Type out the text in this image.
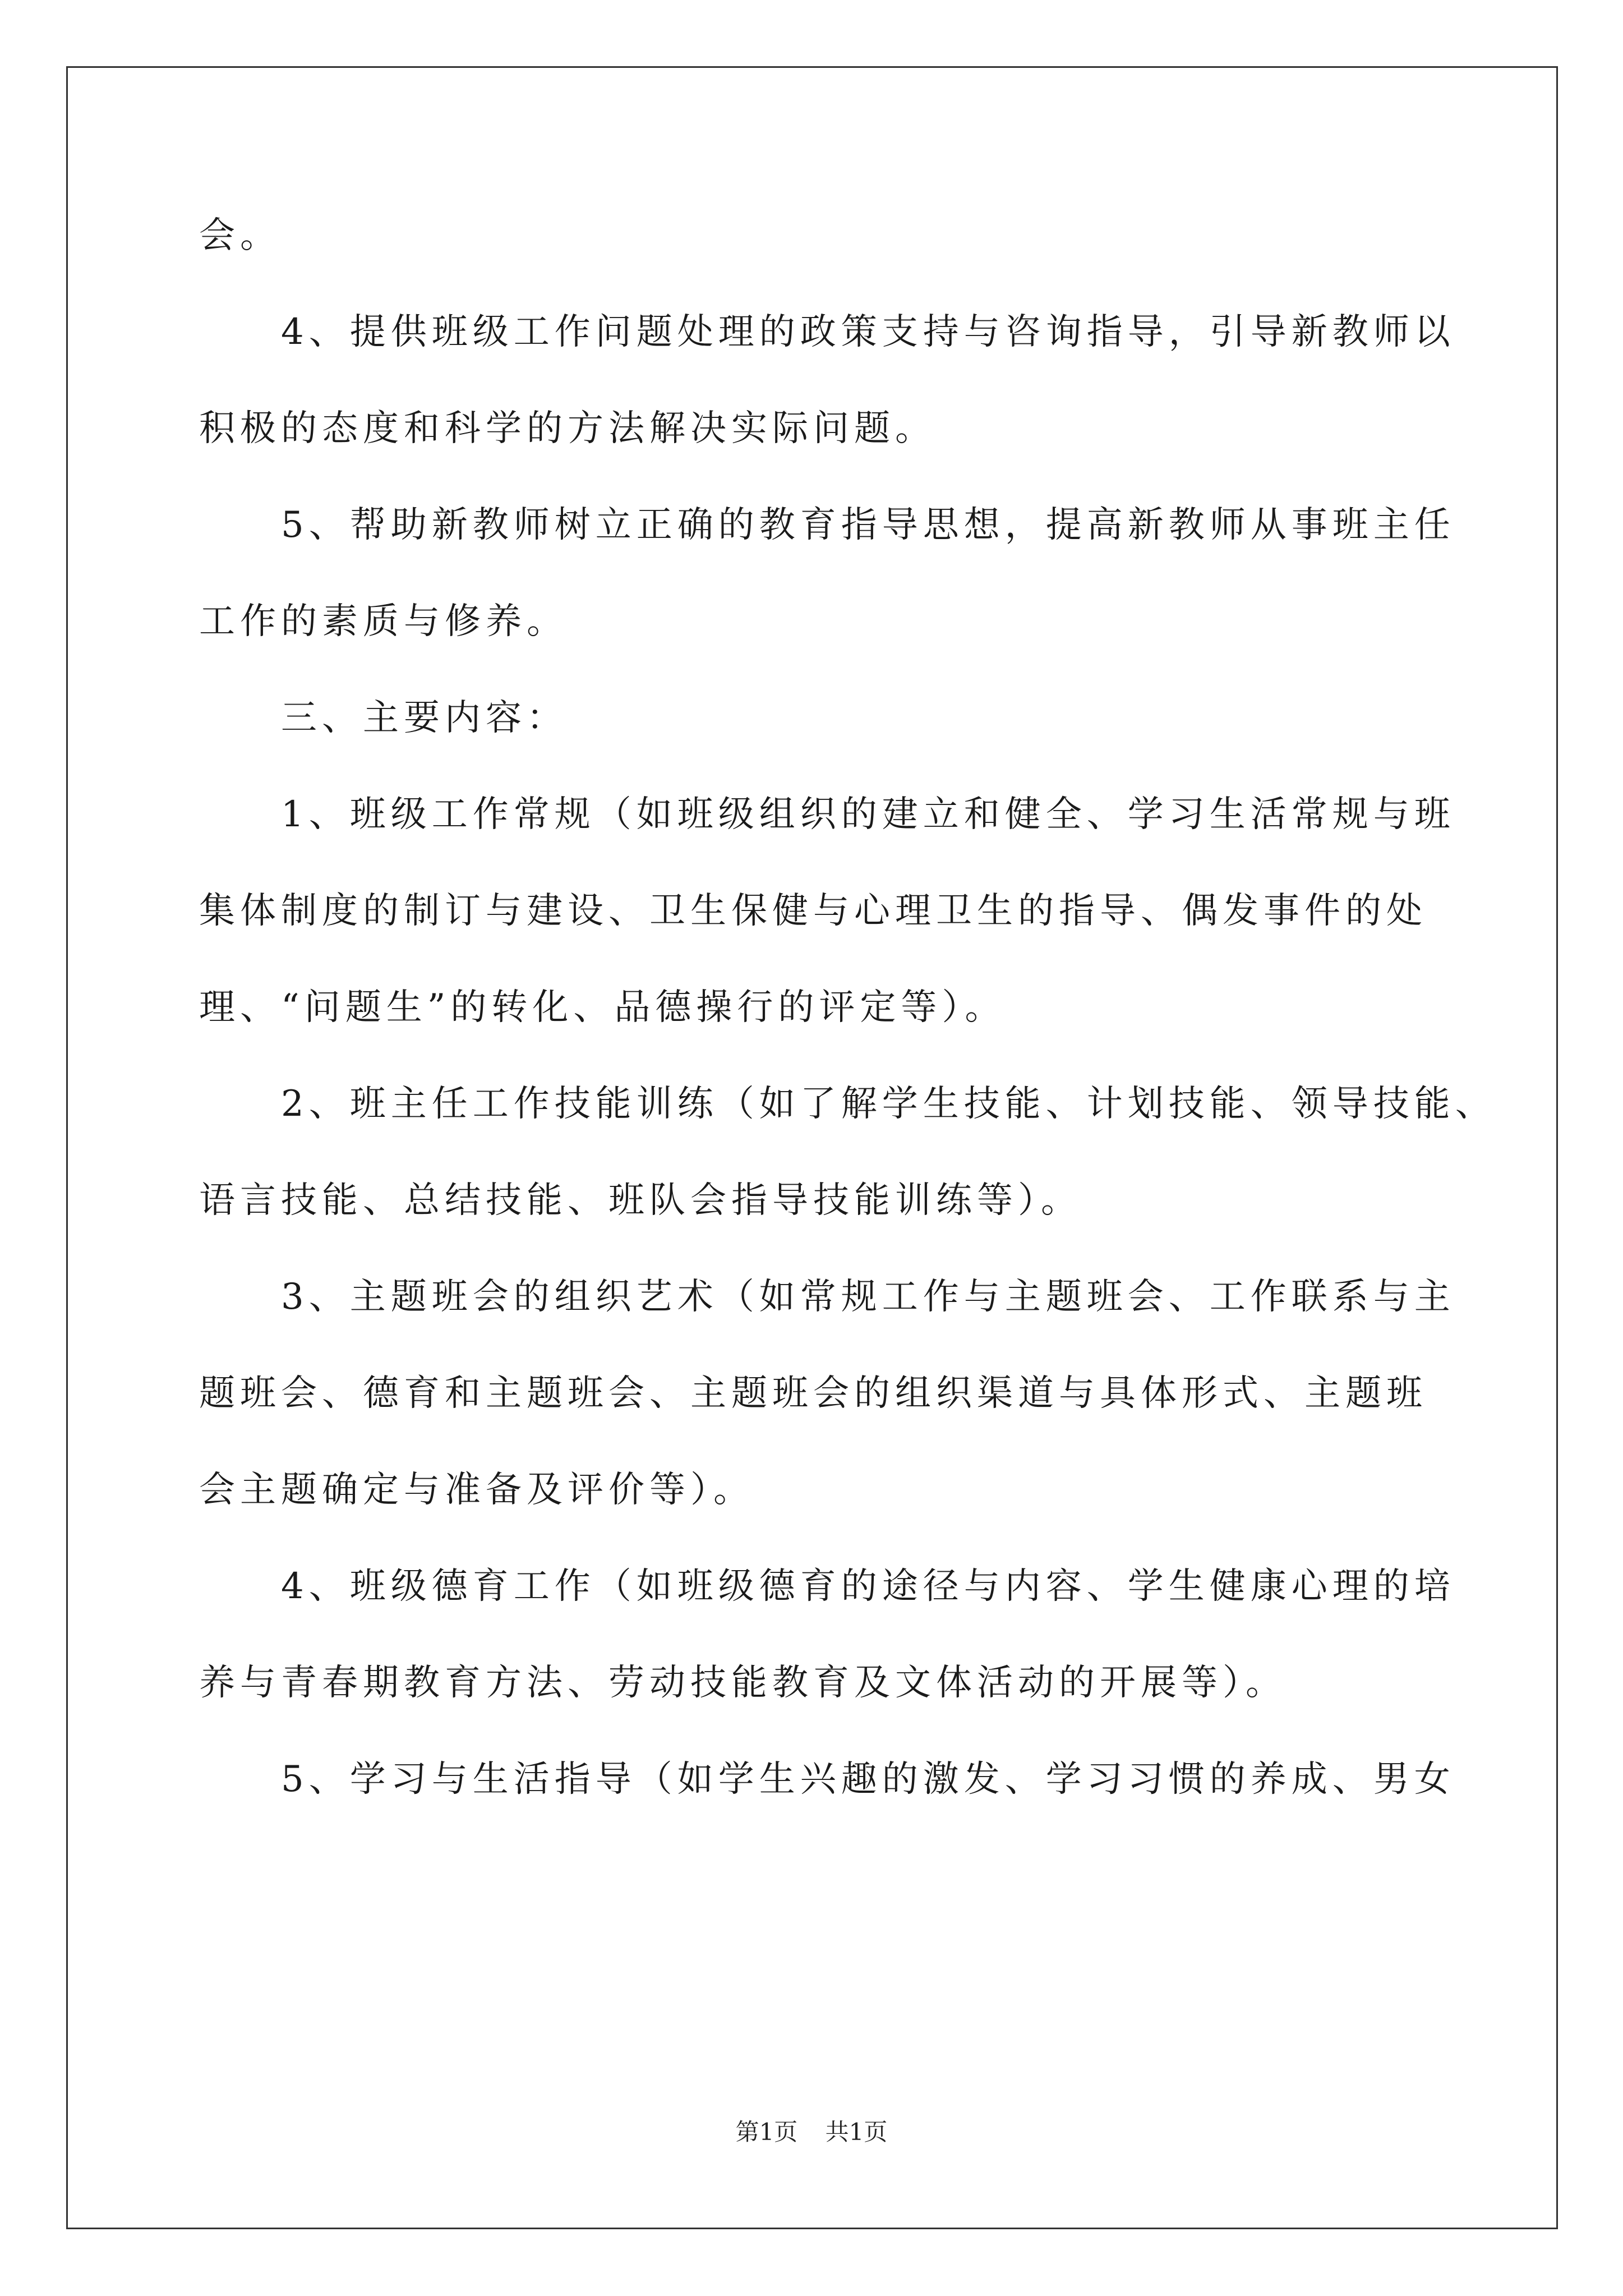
会。
4、提供班级工作问题处理的政策支持与咨询指导，引导新教师以
积极的态度和科学的方法解决实际问题。
5、帮助新教师树立正确的教育指导思想，提高新教师从事班主任
工作的素质与修养。
三、主要内容：
1、班级工作常规（如班级组织的建立和健全、学习生活常规与班
集体制度的制订与建设、卫生保健与心理卫生的指导、偶发事件的处
理、“问题生”的转化、品德操行的评定等）。
2、班主任工作技能训练（如了解学生技能、计划技能、领导技能、
语言技能、总结技能、班队会指导技能训练等）。
3、主题班会的组织艺术（如常规工作与主题班会、工作联系与主
题班会、德育和主题班会、主题班会的组织渠道与具体形式、主题班
会主题确定与准备及评价等）。
4、班级德育工作（如班级德育的途径与内容、学生健康心理的培
养与青春期教育方法、劳动技能教育及文体活动的开展等）。
5、学习与生活指导（如学生兴趣的激发、学习习惯的养成、男女
第1页 共1页
